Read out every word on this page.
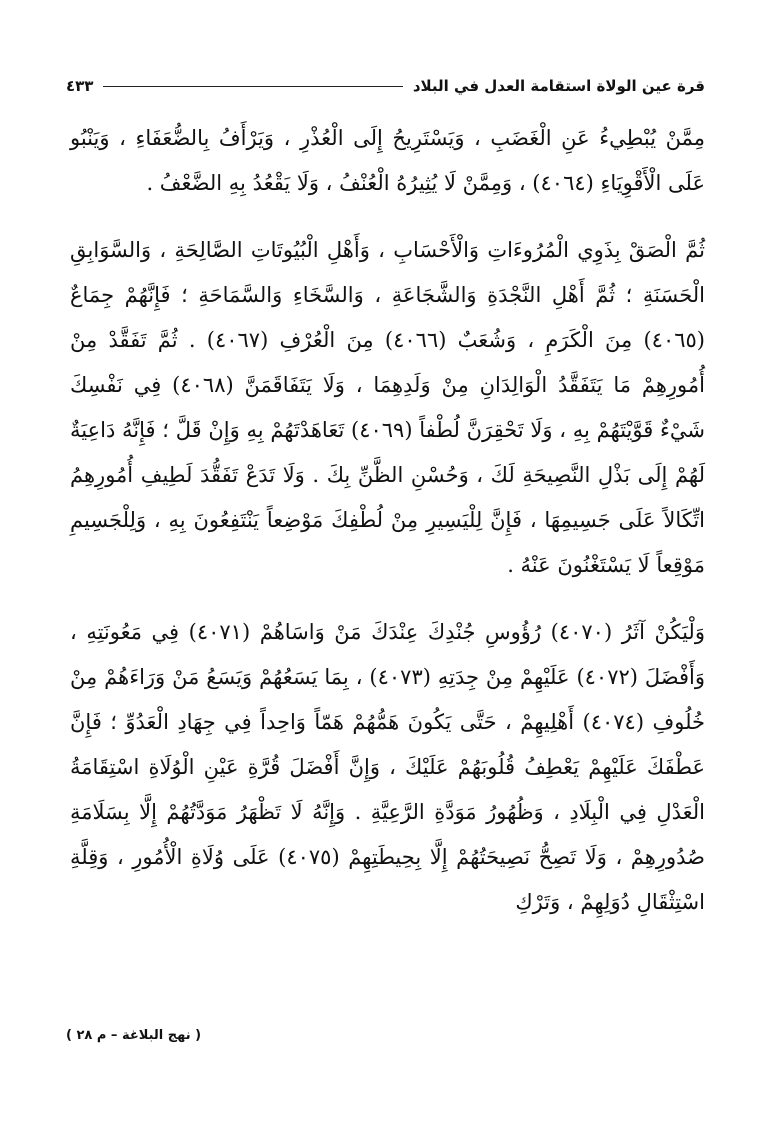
قرة عين الولاة استقامة العدل في البلاد
٤٣٣

مِمَّنْ يُبْطِيءُ عَنِ الْغَضَبِ ، وَيَسْتَرِيحُ إِلَى الْعُذْرِ ، وَيَرْأَفُ بِالضُّعَفَاءِ ، وَيَنْبُو عَلَى الْأَقْوِيَاءِ (٤٠٦٤) ، وَمِمَّنْ لَا يُثِيرُهُ الْعُنْفُ ، وَلَا يَقْعُدُ بِهِ الضَّعْفُ .

ثُمَّ الْصَقْ بِذَوِي الْمُرُوءَاتِ وَالْأَحْسَابِ ، وَأَهْلِ الْبُيُوتَاتِ الصَّالِحَةِ ، وَالسَّوَابِقِ الْحَسَنَةِ ؛ ثُمَّ أَهْلِ النَّجْدَةِ وَالشَّجَاعَةِ ، وَالسَّخَاءِ وَالسَّمَاحَةِ ؛ فَإِنَّهُمْ جِمَاعٌ (٤٠٦٥) مِنَ الْكَرَمِ ، وَشُعَبٌ (٤٠٦٦) مِنَ الْعُرْفِ (٤٠٦٧) . ثُمَّ تَفَقَّدْ مِنْ أُمُورِهِمْ مَا يَتَفَقَّدُ الْوَالِدَانِ مِنْ وَلَدِهِمَا ، وَلَا يَتَفَاقَمَنَّ (٤٠٦٨) فِي نَفْسِكَ شَيْءٌ قَوَّيْتَهُمْ بِهِ ، وَلَا تَحْقِرَنَّ لُطْفاً (٤٠٦٩) تَعَاهَدْتَهُمْ بِهِ وَإِنْ قَلَّ ؛ فَإِنَّهُ دَاعِيَةٌ لَهُمْ إِلَى بَذْلِ النَّصِيحَةِ لَكَ ، وَحُسْنِ الظَّنِّ بِكَ . وَلَا تَدَعْ تَفَقُّدَ لَطِيفِ أُمُورِهِمُ اتِّكَالاً عَلَى جَسِيمِهَا ، فَإِنَّ لِلْيَسِيرِ مِنْ لُطْفِكَ مَوْضِعاً يَنْتَفِعُونَ بِهِ ، وَلِلْجَسِيمِ مَوْقِعاً لَا يَسْتَغْنُونَ عَنْهُ .

وَلْيَكُنْ آثَرُ (٤٠٧٠) رُؤُوسِ جُنْدِكَ عِنْدَكَ مَنْ وَاسَاهُمْ (٤٠٧١) فِي مَعُونَتِهِ ، وَأَفْضَلَ (٤٠٧٢) عَلَيْهِمْ مِنْ جِدَتِهِ (٤٠٧٣) ، بِمَا يَسَعُهُمْ وَيَسَعُ مَنْ وَرَاءَهُمْ مِنْ خُلُوفِ (٤٠٧٤) أَهْلِيهِمْ ، حَتَّى يَكُونَ هَمُّهُمْ هَمّاً وَاحِداً فِي جِهَادِ الْعَدُوِّ ؛ فَإِنَّ عَطْفَكَ عَلَيْهِمْ يَعْطِفُ قُلُوبَهُمْ عَلَيْكَ ، وَإِنَّ أَفْضَلَ قُرَّةِ عَيْنِ الْوُلَاةِ اسْتِقَامَةُ الْعَدْلِ فِي الْبِلَادِ ، وَظُهُورُ مَوَدَّةِ الرَّعِيَّةِ . وَإِنَّهُ لَا تَظْهَرُ مَوَدَّتُهُمْ إِلَّا بِسَلَامَةِ صُدُورِهِمْ ، وَلَا تَصِحُّ نَصِيحَتُهُمْ إِلَّا بِحِيطَتِهِمْ (٤٠٧٥) عَلَى وُلَاةِ الْأُمُورِ ، وَقِلَّةِ اسْتِثْقَالِ دُوَلِهِمْ ، وَتَرْكِ

( نهج البلاغة – م ٢٨ )
